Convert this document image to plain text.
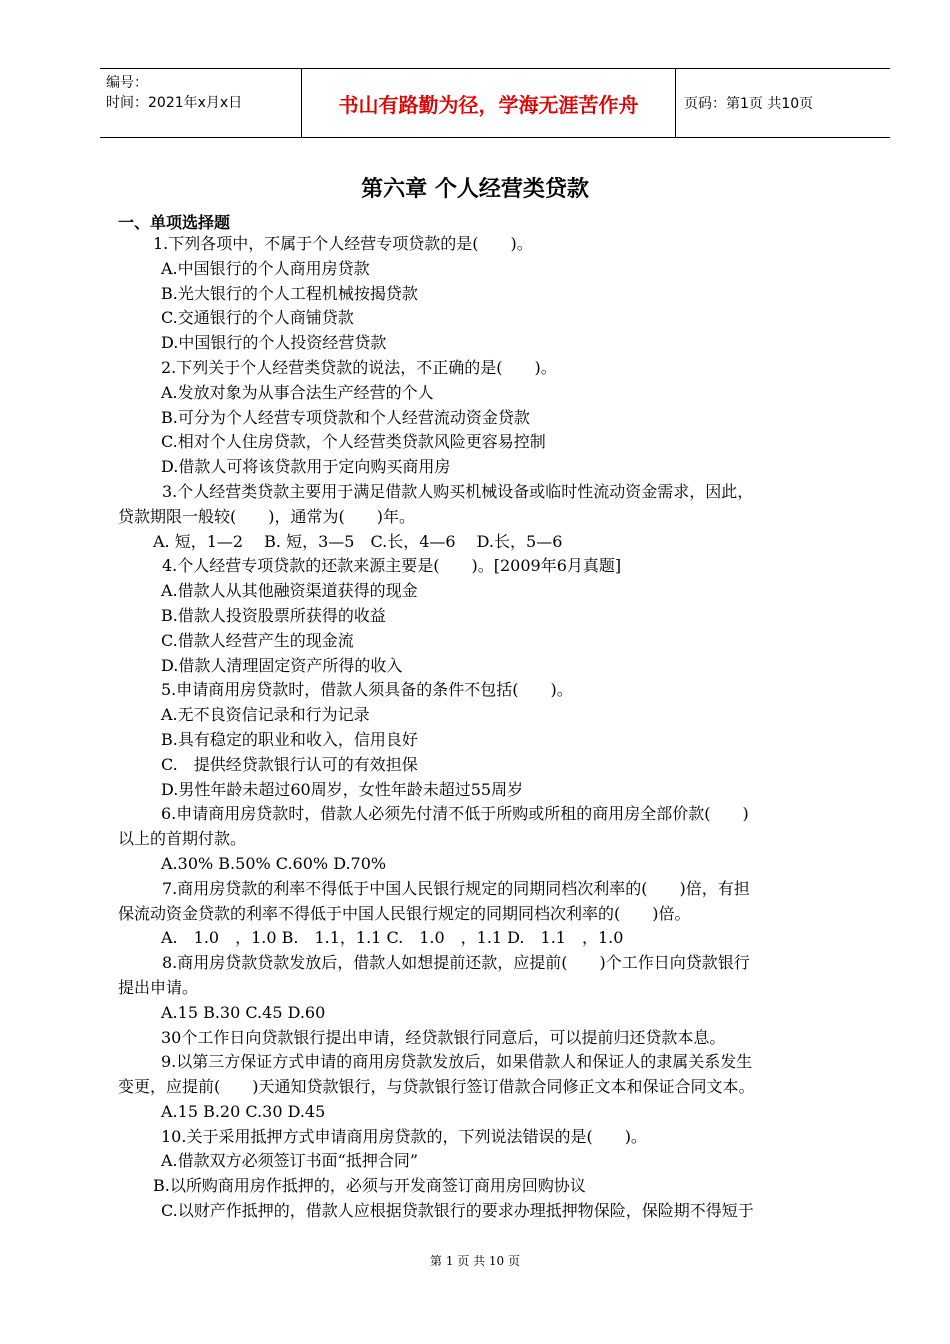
编号：
时间：2021年x月x日	书山有路勤为径，学海无涯苦作舟	页码：第1页 共10页
第六章 个人经营类贷款
一、单项选择题
1.下列各项中，不属于个人经营专项贷款的是(　　)。
A.中国银行的个人商用房贷款
B.光大银行的个人工程机械按揭贷款
C.交通银行的个人商铺贷款
D.中国银行的个人投资经营贷款
2.下列关于个人经营类贷款的说法，不正确的是(　　)。
A.发放对象为从事合法生产经营的个人
B.可分为个人经营专项贷款和个人经营流动资金贷款
C.相对个人住房贷款，个人经营类贷款风险更容易控制
D.借款人可将该贷款用于定向购买商用房
3.个人经营类贷款主要用于满足借款人购买机械设备或临时性流动资金需求，因此，
贷款期限一般较(　　)，通常为(　　)年。
A. 短，1—2　 B. 短，3—5　C.长，4—6　 D.长，5—6
4.个人经营专项贷款的还款来源主要是(　　)。[2009年6月真题]
A.借款人从其他融资渠道获得的现金
B.借款人投资股票所获得的收益
C.借款人经营产生的现金流
D.借款人清理固定资产所得的收入
5.申请商用房贷款时，借款人须具备的条件不包括(　　)。
A.无不良资信记录和行为记录
B.具有稳定的职业和收入，信用良好
C.　提供经贷款银行认可的有效担保
D.男性年龄未超过60周岁，女性年龄未超过55周岁
6.申请商用房贷款时，借款人必须先付清不低于所购或所租的商用房全部价款(　　)
以上的首期付款。
A.30% B.50% C.60% D.70%
7.商用房贷款的利率不得低于中国人民银行规定的同期同档次利率的(　　)倍，有担
保流动资金贷款的利率不得低于中国人民银行规定的同期同档次利率的(　　)倍。
A.　1.0　，1.0 B.　1.1，1.1 C.　1.0　，1.1 D.　1.1　，1.0
8.商用房贷款贷款发放后，借款人如想提前还款，应提前(　　)个工作日向贷款银行
提出申请。
A.15 B.30 C.45 D.60
30个工作日向贷款银行提出申请，经贷款银行同意后，可以提前归还贷款本息。
9.以第三方保证方式申请的商用房贷款发放后，如果借款人和保证人的隶属关系发生
变更，应提前(　　)天通知贷款银行，与贷款银行签订借款合同修正文本和保证合同文本。
A.15 B.20 C.30 D.45
10.关于采用抵押方式申请商用房贷款的，下列说法错误的是(　　)。
A.借款双方必须签订书面“抵押合同”
B.以所购商用房作抵押的，必须与开发商签订商用房回购协议
C.以财产作抵押的，借款人应根据贷款银行的要求办理抵押物保险，保险期不得短于
第 1 页 共 10 页
